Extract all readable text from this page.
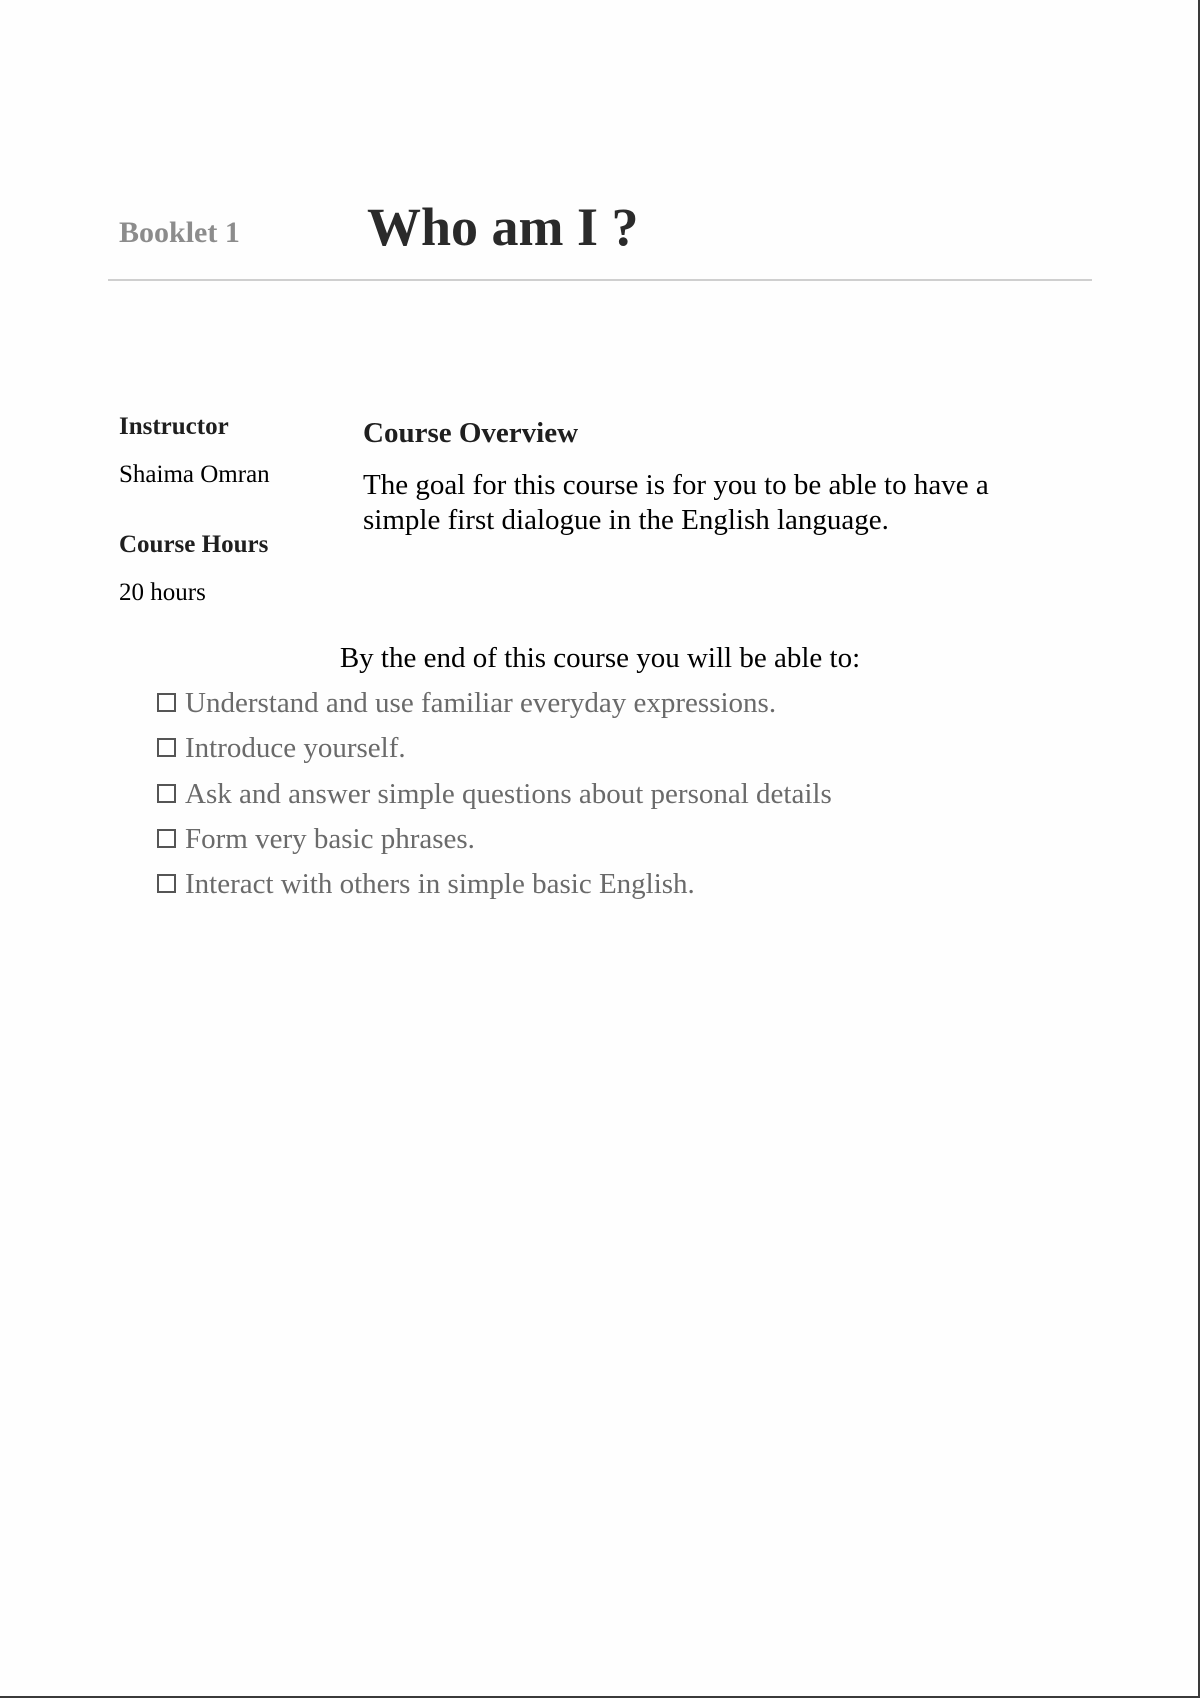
Booklet 1 Who am I ?
Instructor
Shaima Omran
Course Hours
20 hours
Course Overview
The goal for this course is for you to be able to have a simple first dialogue in the English language.
By the end of this course you will be able to:
Understand and use familiar everyday expressions.
Introduce yourself.
Ask and answer simple questions about personal details
Form very basic phrases.
Interact with others in simple basic English.
